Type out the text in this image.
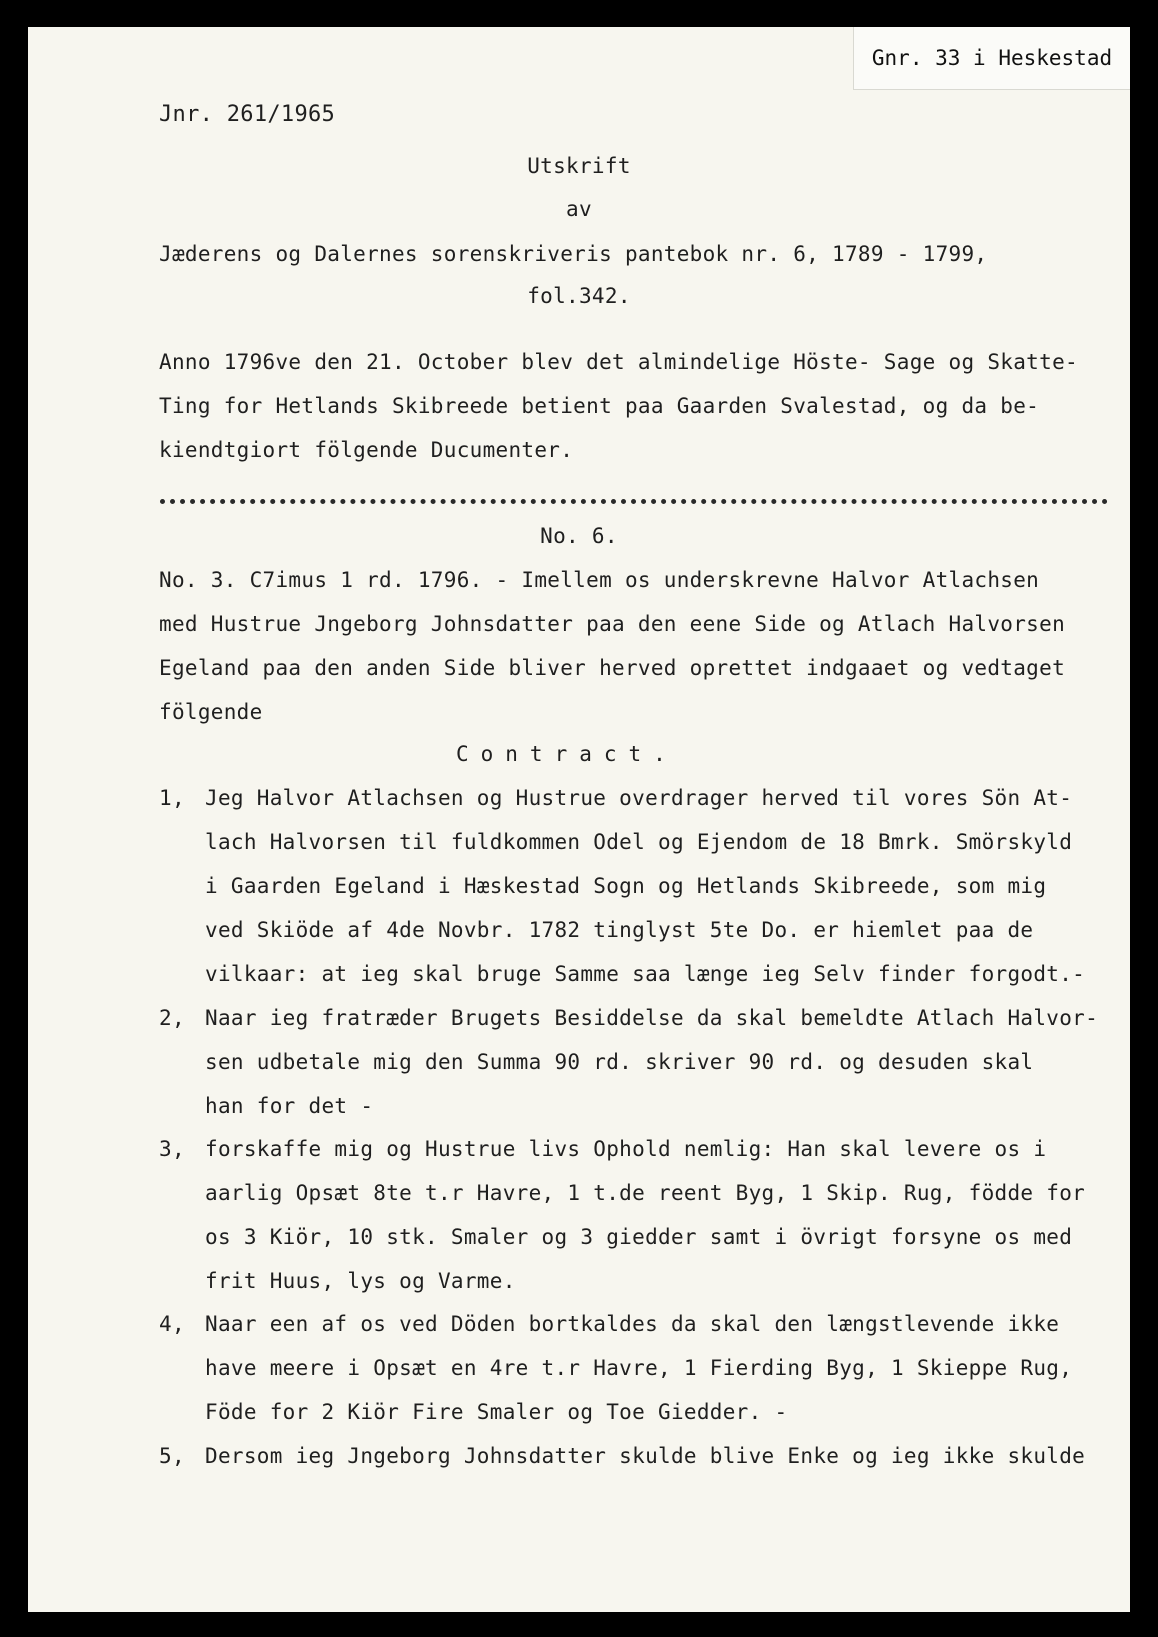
Gnr. 33 i Heskestad
Jnr. 261/1965
Utskrift
av
Jæderens og Dalernes sorenskriveris pantebok nr. 6, 1789 - 1799,
fol.342.
Anno 1796ve den 21. October blev det almindelige Höste- Sage og Skatte-
Ting for Hetlands Skibreede betient paa Gaarden Svalestad, og da be-
kiendtgiort fölgende Ducumenter.
No. 6.
No. 3. C7imus 1 rd. 1796. - Imellem os underskrevne Halvor Atlachsen
med Hustrue Jngeborg Johnsdatter paa den eene Side og Atlach Halvorsen
Egeland paa den anden Side bliver herved oprettet indgaaet og vedtaget
fölgende
Contract.
1, Jeg Halvor Atlachsen og Hustrue overdrager herved til vores Sön At-
lach Halvorsen til fuldkommen Odel og Ejendom de 18 Bmrk. Smörskyld
i Gaarden Egeland i Hæskestad Sogn og Hetlands Skibreede, som mig
ved Skiöde af 4de Novbr. 1782 tinglyst 5te Do. er hiemlet paa de
vilkaar: at ieg skal bruge Samme saa længe ieg Selv finder forgodt.-
2, Naar ieg fratræder Brugets Besiddelse da skal bemeldte Atlach Halvor-
sen udbetale mig den Summa 90 rd. skriver 90 rd. og desuden skal
han for det -
3, forskaffe mig og Hustrue livs Ophold nemlig: Han skal levere os i
aarlig Opsæt 8te t.r Havre, 1 t.de reent Byg, 1 Skip. Rug, födde for
os 3 Kiör, 10 stk. Smaler og 3 giedder samt i övrigt forsyne os med
frit Huus, lys og Varme.
4, Naar een af os ved Döden bortkaldes da skal den længstlevende ikke
have meere i Opsæt en 4re t.r Havre, 1 Fierding Byg, 1 Skieppe Rug,
Föde for 2 Kiör Fire Smaler og Toe Giedder. -
5, Dersom ieg Jngeborg Johnsdatter skulde blive Enke og ieg ikke skulde
